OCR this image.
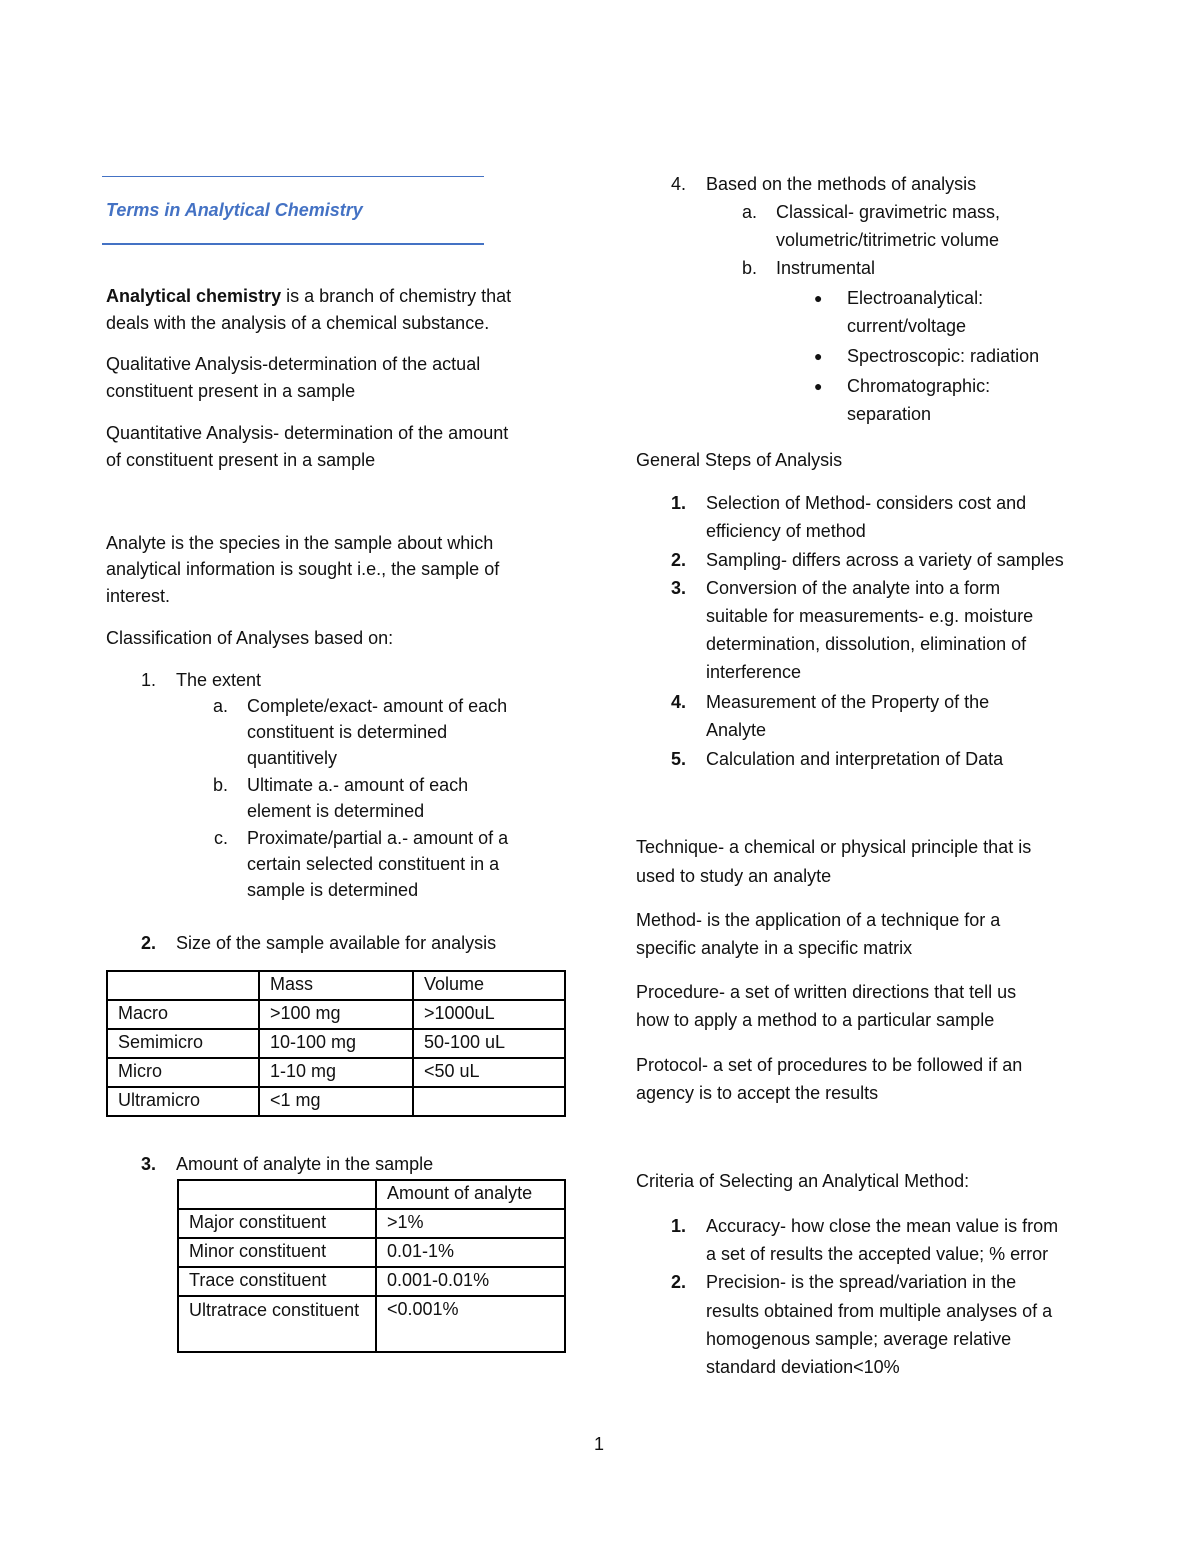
Terms in Analytical Chemistry
Analytical chemistry is a branch of chemistry that
deals with the analysis of a chemical substance.
Qualitative Analysis-determination of the actual
constituent present in a sample
Quantitative Analysis- determination of the amount
of constituent present in a sample
Analyte is the species in the sample about which
analytical information is sought i.e., the sample of
interest.
Classification of Analyses based on:
1. The extent
a. Complete/exact- amount of each
constituent is determined
quantitively
b. Ultimate a.- amount of each
element is determined
c. Proximate/partial a.- amount of a
certain selected constituent in a
sample is determined
2. Size of the sample available for analysis
	Mass	Volume
Macro	>100 mg	>1000uL
Semimicro	10-100 mg	50-100 uL
Micro	1-10 mg	<50 uL
Ultramicro	<1 mg	
3. Amount of analyte in the sample
	Amount of analyte
Major constituent	>1%
Minor constituent	0.01-1%
Trace constituent	0.001-0.01%
Ultratrace constituent	<0.001%
4. Based on the methods of analysis
a. Classical- gravimetric mass,
volumetric/titrimetric volume
b. Instrumental
● Electroanalytical:
current/voltage
● Spectroscopic: radiation
● Chromatographic:
separation
General Steps of Analysis
1. Selection of Method- considers cost and
efficiency of method
2. Sampling- differs across a variety of samples
3. Conversion of the analyte into a form
suitable for measurements- e.g. moisture
determination, dissolution, elimination of
interference
4. Measurement of the Property of the
Analyte
5. Calculation and interpretation of Data
Technique- a chemical or physical principle that is
used to study an analyte
Method- is the application of a technique for a
specific analyte in a specific matrix
Procedure- a set of written directions that tell us
how to apply a method to a particular sample
Protocol- a set of procedures to be followed if an
agency is to accept the results
Criteria of Selecting an Analytical Method:
1. Accuracy- how close the mean value is from
a set of results the accepted value; % error
2. Precision- is the spread/variation in the
results obtained from multiple analyses of a
homogenous sample; average relative
standard deviation<10%
1
